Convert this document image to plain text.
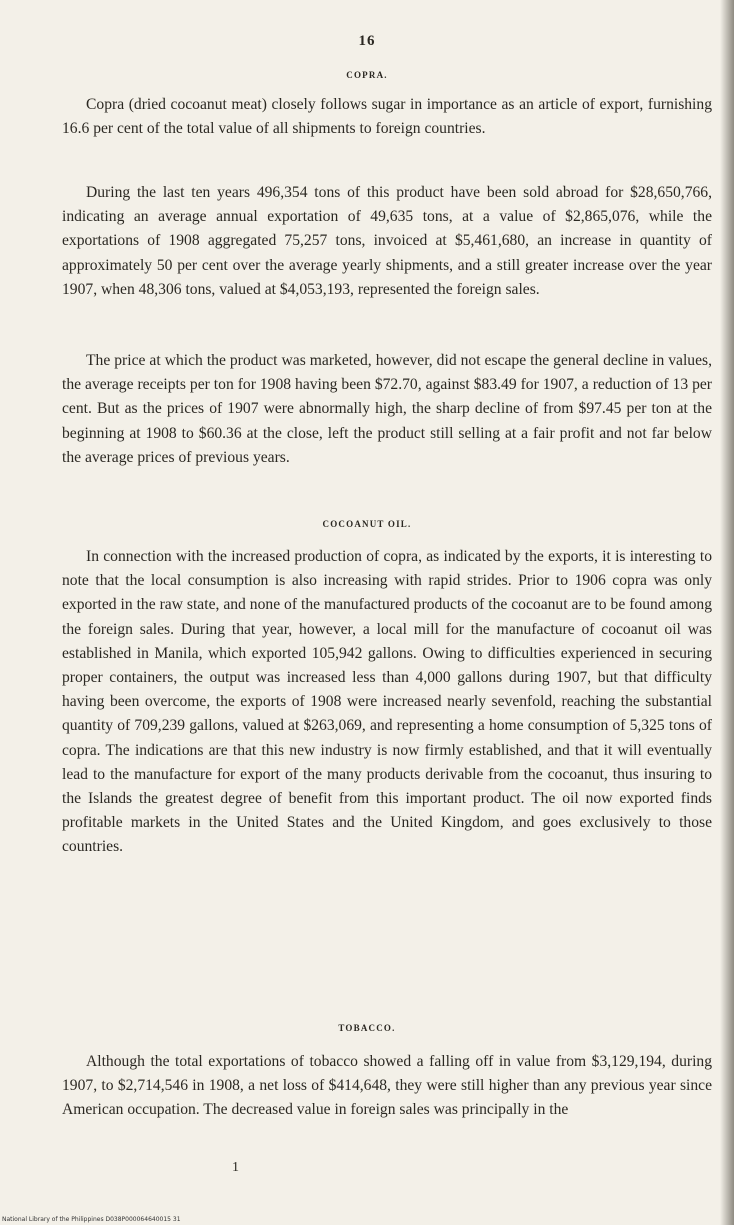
16
COPRA.

Copra (dried cocoanut meat) closely follows sugar in importance as an article of export, furnishing 16.6 per cent of the total value of all shipments to foreign countries.

During the last ten years 496,354 tons of this product have been sold abroad for $28,650,766, indicating an average annual exportation of 49,635 tons, at a value of $2,865,076, while the exportations of 1908 aggregated 75,257 tons, invoiced at $5,461,680, an increase in quantity of approximately 50 per cent over the average yearly shipments, and a still greater increase over the year 1907, when 48,306 tons, valued at $4,053,193, represented the foreign sales.

The price at which the product was marketed, however, did not escape the general decline in values, the average receipts per ton for 1908 having been $72.70, against $83.49 for 1907, a reduction of 13 per cent. But as the prices of 1907 were abnormally high, the sharp decline of from $97.45 per ton at the beginning at 1908 to $60.36 at the close, left the product still selling at a fair profit and not far below the average prices of previous years.

COCOANUT OIL.

In connection with the increased production of copra, as indicated by the exports, it is interesting to note that the local consumption is also increasing with rapid strides. Prior to 1906 copra was only exported in the raw state, and none of the manufactured products of the cocoanut are to be found among the foreign sales. During that year, however, a local mill for the manufacture of cocoanut oil was established in Manila, which exported 105,942 gallons. Owing to difficulties experienced in securing proper containers, the output was increased less than 4,000 gallons during 1907, but that difficulty having been overcome, the exports of 1908 were increased nearly sevenfold, reaching the substantial quantity of 709,239 gallons, valued at $263,069, and representing a home consumption of 5,325 tons of copra. The indications are that this new industry is now firmly established, and that it will eventually lead to the manufacture for export of the many products derivable from the cocoanut, thus insuring to the Islands the greatest degree of benefit from this important product. The oil now exported finds profitable markets in the United States and the United Kingdom, and goes exclusively to those countries.

TOBACCO.

Although the total exportations of tobacco showed a falling off in value from $3,129,194, during 1907, to $2,714,546 in 1908, a net loss of $414,648, they were still higher than any previous year since American occupation. The decreased value in foreign sales was principally in the

1
National Library of the Philippines D038P000064640015 31
